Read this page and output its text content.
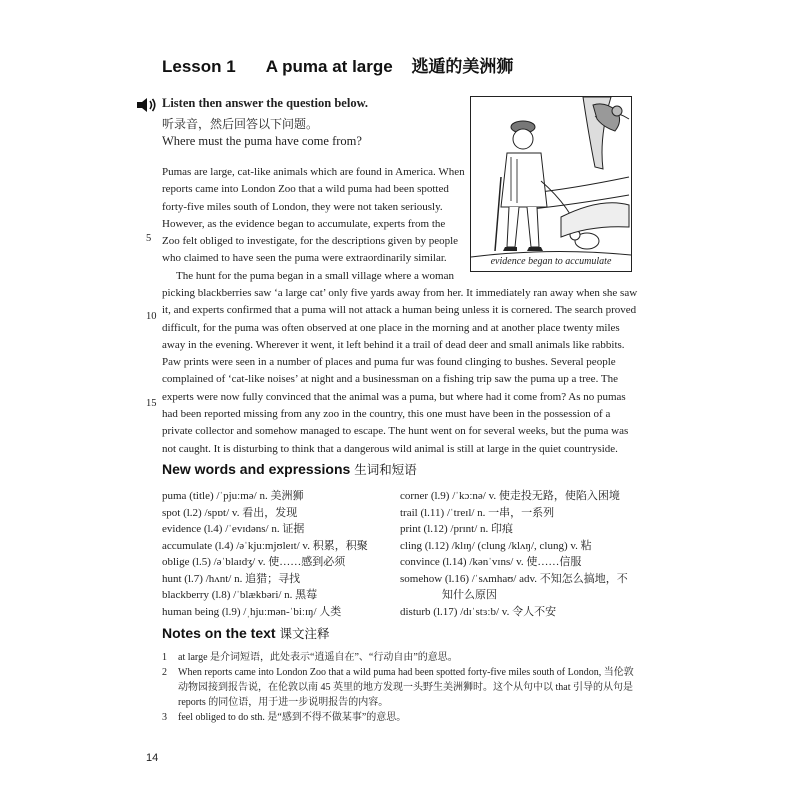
Lesson 1 A puma at large 逃遁的美洲狮
Listen then answer the question below.
听录音，然后回答以下问题。
Where must the puma have come from?
Pumas are large, cat-like animals which are found in America. When
reports came into London Zoo that a wild puma had been spotted
forty-five miles south of London, they were not taken seriously.
However, as the evidence began to accumulate, experts from the
Zoo felt obliged to investigate, for the descriptions given by people
who claimed to have seen the puma were extraordinarily similar.
The hunt for the puma began in a small village where a woman
picking blackberries saw ‘a large cat’ only five yards away from her. It immediately ran away when she saw
it, and experts confirmed that a puma will not attack a human being unless it is cornered. The search proved
difficult, for the puma was often observed at one place in the morning and at another place twenty miles
away in the evening. Wherever it went, it left behind it a trail of dead deer and small animals like rabbits.
Paw prints were seen in a number of places and puma fur was found clinging to bushes. Several people
complained of ‘cat-like noises’ at night and a businessman on a fishing trip saw the puma up a tree. The
experts were now fully convinced that the animal was a puma, but where had it come from? As no pumas
had been reported missing from any zoo in the country, this one must have been in the possession of a
private collector and somehow managed to escape. The hunt went on for several weeks, but the puma was
not caught. It is disturbing to think that a dangerous wild animal is still at large in the quiet countryside.
5
10
15
evidence began to accumulate
New words and expressions 生词和短语
puma (title) /ˈpjuːmə/ n. 美洲狮
spot (l.2) /spɒt/ v. 看出，发现
evidence (l.4) /ˈevɪdəns/ n. 证据
accumulate (l.4) /əˈkjuːmjʊleɪt/ v. 积累，积聚
oblige (l.5) /əˈblaɪdʒ/ v. 使……感到必须
hunt (l.7) /hʌnt/ n. 追猎；寻找
blackberry (l.8) /ˈblækbəri/ n. 黑莓
human being (l.9) /ˌhjuːmən-ˈbiːɪŋ/ 人类
corner (l.9) /ˈkɔːnə/ v. 使走投无路，使陷入困境
trail (l.11) /ˈtreɪl/ n. 一串，一系列
print (l.12) /prɪnt/ n. 印痕
cling (l.12) /klɪŋ/ (clung /klʌŋ/, clung) v. 粘
convince (l.14) /kənˈvɪns/ v. 使……信服
somehow (l.16) /ˈsʌmhaʊ/ adv. 不知怎么搞地，不
知什么原因
disturb (l.17) /dɪˈstɜːb/ v. 令人不安
Notes on the text 课文注释
1	at large 是介词短语，此处表示“逍遥自在”、“行动自由”的意思。
2	When reports came into London Zoo that a wild puma had been spotted forty-five miles south of London, 当伦敦动物园接到报告说，在伦敦以南 45 英里的地方发现一头野生美洲狮时。这个从句中以 that 引导的从句是 reports 的同位语，用于进一步说明报告的内容。
3	feel obliged to do sth. 是“感到不得不做某事”的意思。
14
